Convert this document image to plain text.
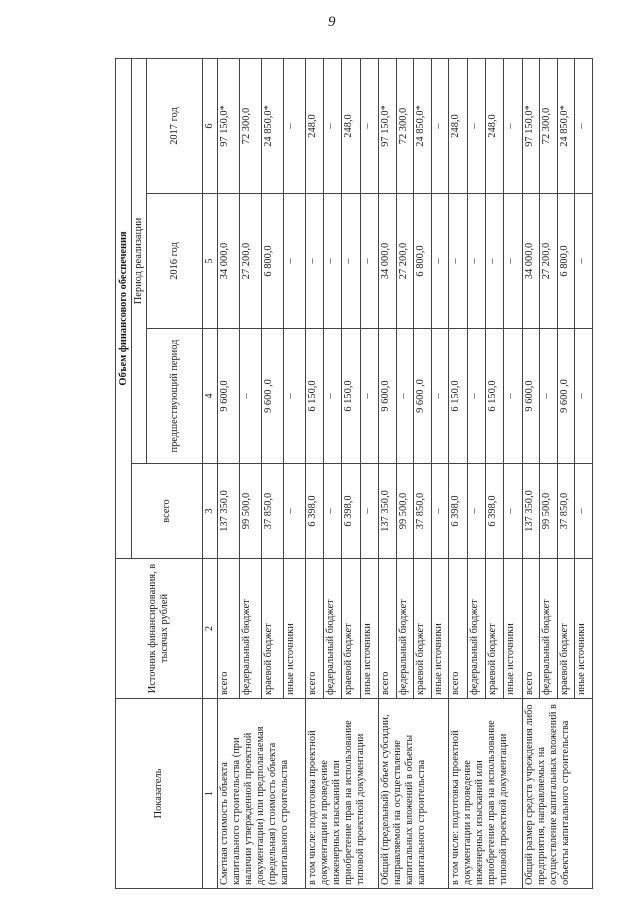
9
Показатель	Источник финансирования, в тысячах рублей	Объем финансового обеспечения			
		всего	Период реализации		
			предшествующий период	2016 год	2017 год
1	2	3	4	5	6
Сметная стоимость объекта капитального строительства (при наличии утвержденной проектной документации) или предполагаемая (предельная) стоимость объекта капитального строительства	всего	137 350,0	9 600,0	34 000,0	97 150,0*
	федеральный бюджет	99 500,0	–	27 200,0	72 300,0
	краевой бюджет	37 850,0	9 600 ,0	6 800,0	24 850,0*
	иные источники	–	–	–	–
в том числе: подготовка проектной документации и проведение инженерных изысканий или приобретение прав на использование типовой проектной документации	всего	6 398,0	6 150,0	–	248,0
	федеральный бюджет	–	–	–	–
	краевой бюджет	6 398,0	6 150,0	–	248,0
	иные источники	–	–	–	–
Общий (предельный) объем субсидии, направляемой на осуществление капитальных вложений в объекты капитального строительства	всего	137 350,0	9 600,0	34 000,0	97 150,0*
	федеральный бюджет	99 500,0	–	27 200,0	72 300,0
	краевой бюджет	37 850,0	9 600 ,0	6 800,0	24 850,0*
	иные источники	–	–	–	–
в том числе: подготовка проектной документации и проведение инженерных изысканий или приобретение прав на использование типовой проектной документации	всего	6 398,0	6 150,0	–	248,0
	федеральный бюджет	–	–	–	–
	краевой бюджет	6 398,0	6 150,0	–	248,0
	иные источники	–	–	–	–
Общий размер средств учреждения либо предприятия, направляемых на осуществление капитальных вложений в объекты капитального строительства	всего	137 350,0	9 600,0	34 000,0	97 150,0*
	федеральный бюджет	99 500,0	–	27 200,0	72 300,0
	краевой бюджет	37 850,0	9 600 ,0	6 800,0	24 850,0*
	иные источники	–	–	–	–
